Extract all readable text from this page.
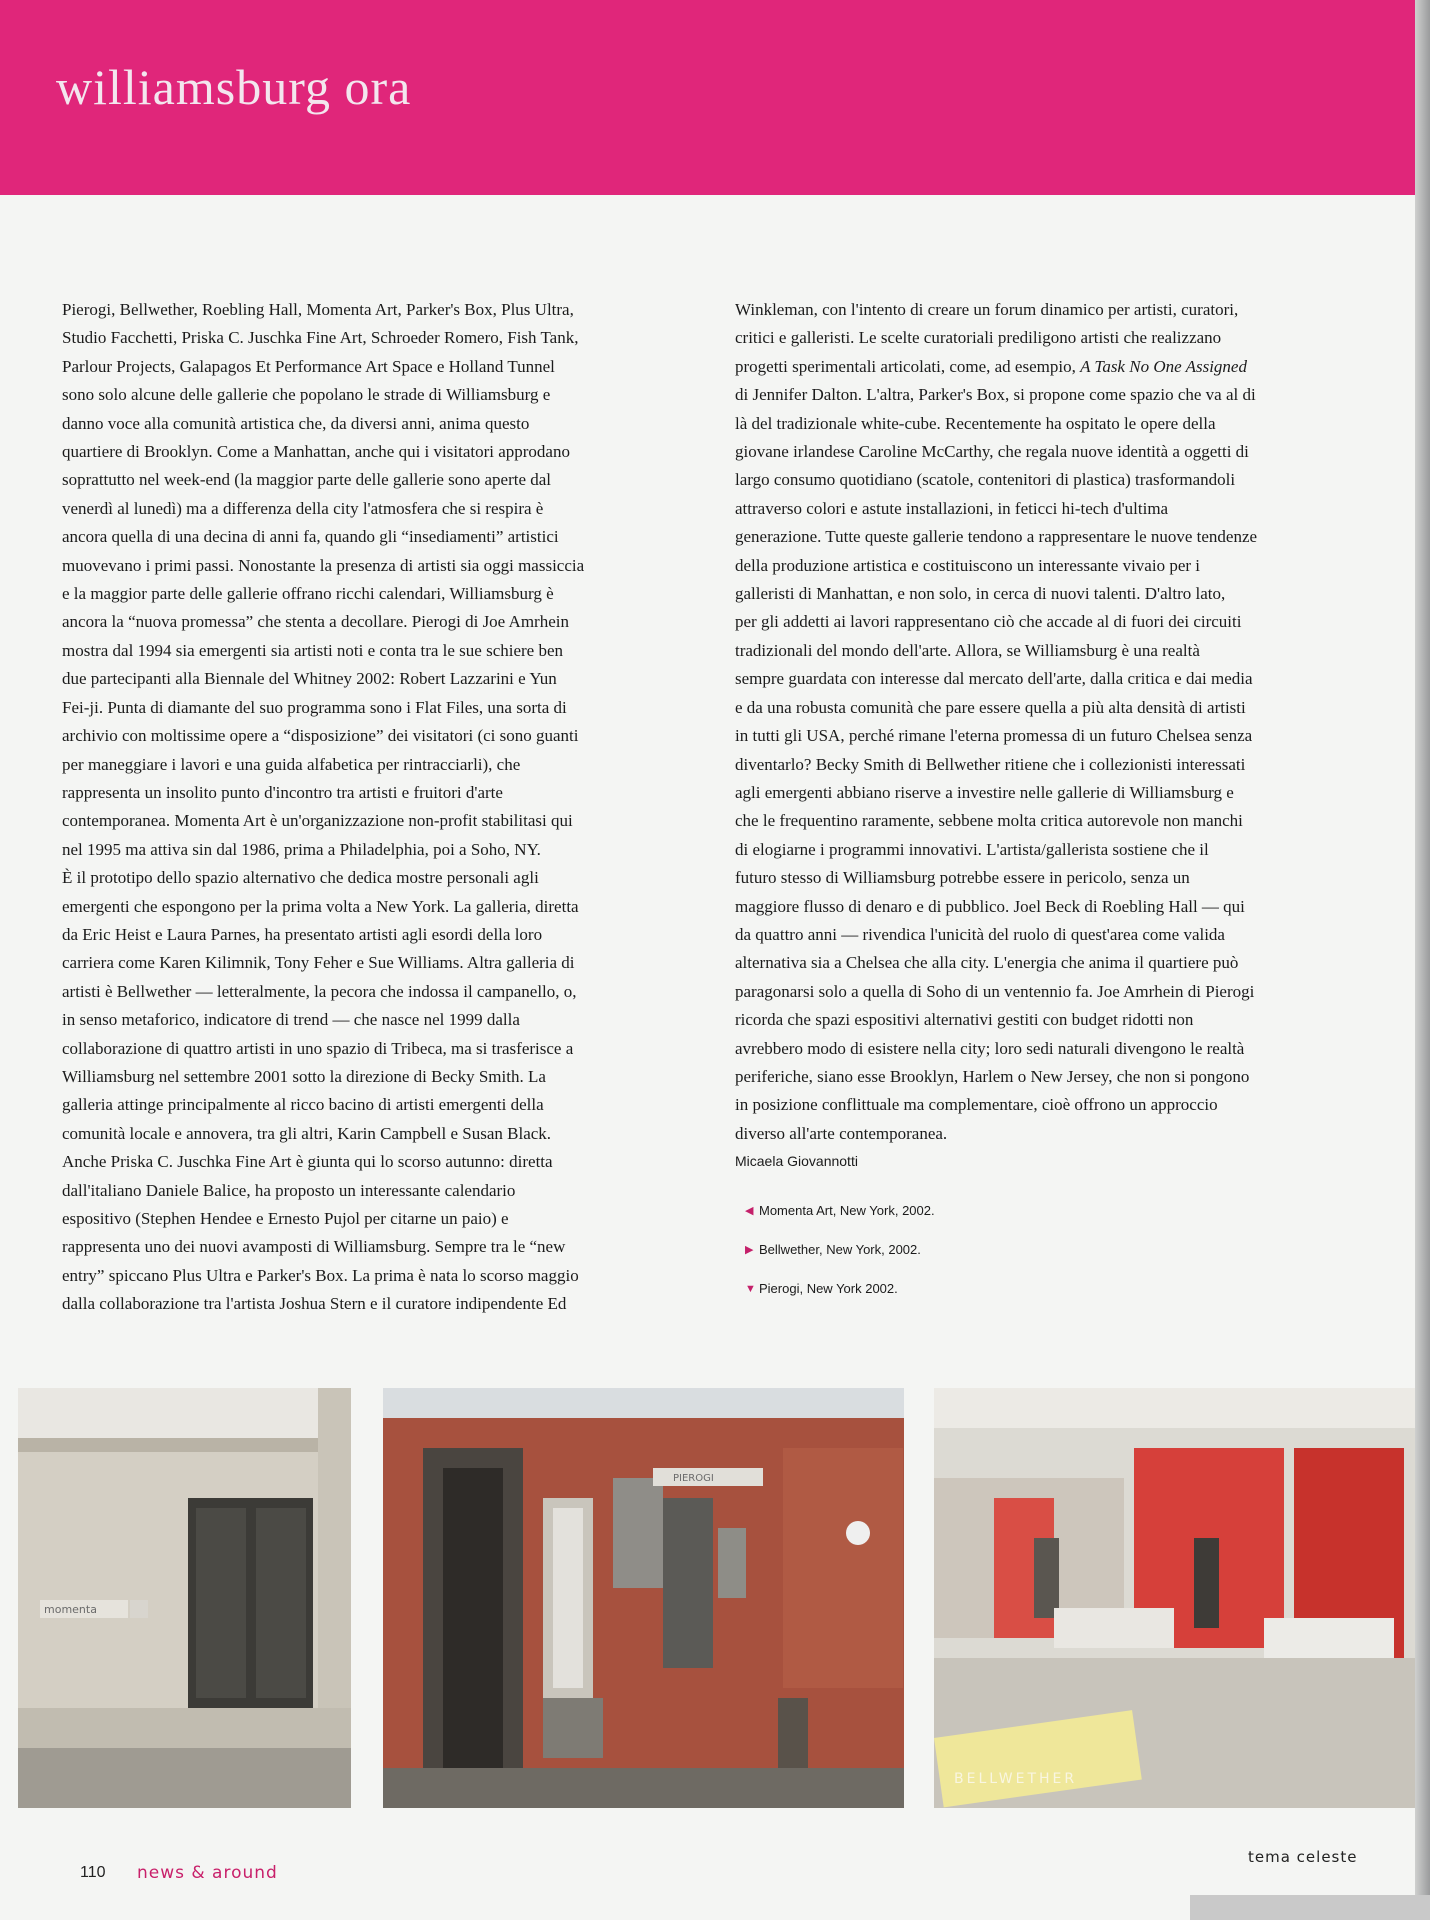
williamsburg ora
Pierogi, Bellwether, Roebling Hall, Momenta Art, Parker's Box, Plus Ultra,
Studio Facchetti, Priska C. Juschka Fine Art, Schroeder Romero, Fish Tank,
Parlour Projects, Galapagos Et Performance Art Space e Holland Tunnel
sono solo alcune delle gallerie che popolano le strade di Williamsburg e
danno voce alla comunità artistica che, da diversi anni, anima questo
quartiere di Brooklyn. Come a Manhattan, anche qui i visitatori approdano
soprattutto nel week-end (la maggior parte delle gallerie sono aperte dal
venerdì al lunedì) ma a differenza della city l'atmosfera che si respira è
ancora quella di una decina di anni fa, quando gli “insediamenti” artistici
muovevano i primi passi. Nonostante la presenza di artisti sia oggi massiccia
e la maggior parte delle gallerie offrano ricchi calendari, Williamsburg è
ancora la “nuova promessa” che stenta a decollare. Pierogi di Joe Amrhein
mostra dal 1994 sia emergenti sia artisti noti e conta tra le sue schiere ben
due partecipanti alla Biennale del Whitney 2002: Robert Lazzarini e Yun
Fei-ji. Punta di diamante del suo programma sono i Flat Files, una sorta di
archivio con moltissime opere a “disposizione” dei visitatori (ci sono guanti
per maneggiare i lavori e una guida alfabetica per rintracciarli), che
rappresenta un insolito punto d'incontro tra artisti e fruitori d'arte
contemporanea. Momenta Art è un'organizzazione non-profit stabilitasi qui
nel 1995 ma attiva sin dal 1986, prima a Philadelphia, poi a Soho, NY.
È il prototipo dello spazio alternativo che dedica mostre personali agli
emergenti che espongono per la prima volta a New York. La galleria, diretta
da Eric Heist e Laura Parnes, ha presentato artisti agli esordi della loro
carriera come Karen Kilimnik, Tony Feher e Sue Williams. Altra galleria di
artisti è Bellwether — letteralmente, la pecora che indossa il campanello, o,
in senso metaforico, indicatore di trend — che nasce nel 1999 dalla
collaborazione di quattro artisti in uno spazio di Tribeca, ma si trasferisce a
Williamsburg nel settembre 2001 sotto la direzione di Becky Smith. La
galleria attinge principalmente al ricco bacino di artisti emergenti della
comunità locale e annovera, tra gli altri, Karin Campbell e Susan Black.
Anche Priska C. Juschka Fine Art è giunta qui lo scorso autunno: diretta
dall'italiano Daniele Balice, ha proposto un interessante calendario
espositivo (Stephen Hendee e Ernesto Pujol per citarne un paio) e
rappresenta uno dei nuovi avamposti di Williamsburg. Sempre tra le “new
entry” spiccano Plus Ultra e Parker's Box. La prima è nata lo scorso maggio
dalla collaborazione tra l'artista Joshua Stern e il curatore indipendente Ed
Winkleman, con l'intento di creare un forum dinamico per artisti, curatori,
critici e galleristi. Le scelte curatoriali prediligono artisti che realizzano
progetti sperimentali articolati, come, ad esempio, A Task No One Assigned
di Jennifer Dalton. L'altra, Parker's Box, si propone come spazio che va al di
là del tradizionale white-cube. Recentemente ha ospitato le opere della
giovane irlandese Caroline McCarthy, che regala nuove identità a oggetti di
largo consumo quotidiano (scatole, contenitori di plastica) trasformandoli
attraverso colori e astute installazioni, in feticci hi-tech d'ultima
generazione. Tutte queste gallerie tendono a rappresentare le nuove tendenze
della produzione artistica e costituiscono un interessante vivaio per i
galleristi di Manhattan, e non solo, in cerca di nuovi talenti. D'altro lato,
per gli addetti ai lavori rappresentano ciò che accade al di fuori dei circuiti
tradizionali del mondo dell'arte. Allora, se Williamsburg è una realtà
sempre guardata con interesse dal mercato dell'arte, dalla critica e dai media
e da una robusta comunità che pare essere quella a più alta densità di artisti
in tutti gli USA, perché rimane l'eterna promessa di un futuro Chelsea senza
diventarlo? Becky Smith di Bellwether ritiene che i collezionisti interessati
agli emergenti abbiano riserve a investire nelle gallerie di Williamsburg e
che le frequentino raramente, sebbene molta critica autorevole non manchi
di elogiarne i programmi innovativi. L'artista/gallerista sostiene che il
futuro stesso di Williamsburg potrebbe essere in pericolo, senza un
maggiore flusso di denaro e di pubblico. Joel Beck di Roebling Hall — qui
da quattro anni — rivendica l'unicità del ruolo di quest'area come valida
alternativa sia a Chelsea che alla city. L'energia che anima il quartiere può
paragonarsi solo a quella di Soho di un ventennio fa. Joe Amrhein di Pierogi
ricorda che spazi espositivi alternativi gestiti con budget ridotti non
avrebbero modo di esistere nella city; loro sedi naturali divengono le realtà
periferiche, siano esse Brooklyn, Harlem o New Jersey, che non si pongono
in posizione conflittuale ma complementare, cioè offrono un approccio
diverso all'arte contemporanea.
Micaela Giovannotti
◀ Momenta Art, New York, 2002.
▶ Bellwether, New York, 2002.
▼ Pierogi, New York 2002.
momenta
PIEROGI
BELLWETHER
110 news & around
tema celeste
